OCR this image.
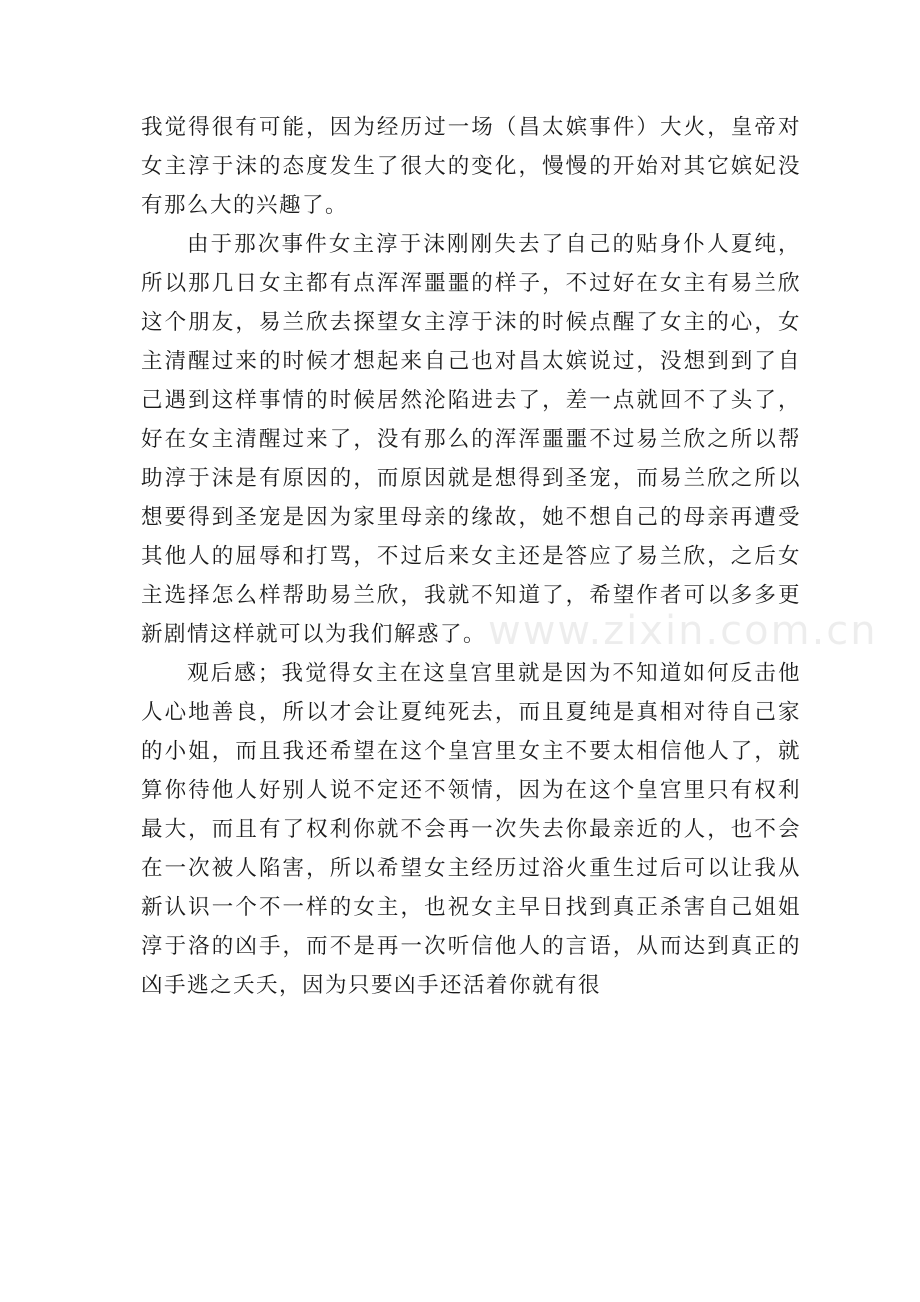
我觉得很有可能，因为经历过一场（昌太嫔事件）大火，皇帝对女主淳于沫的态度发生了很大的变化，慢慢的开始对其它嫔妃没有那么大的兴趣了。

由于那次事件女主淳于沫刚刚失去了自己的贴身仆人夏纯，所以那几日女主都有点浑浑噩噩的样子，不过好在女主有易兰欣这个朋友，易兰欣去探望女主淳于沫的时候点醒了女主的心，女主清醒过来的时候才想起来自己也对昌太嫔说过，没想到到了自己遇到这样事情的时候居然沦陷进去了，差一点就回不了头了，好在女主清醒过来了，没有那么的浑浑噩噩不过易兰欣之所以帮助淳于沫是有原因的，而原因就是想得到圣宠，而易兰欣之所以想要得到圣宠是因为家里母亲的缘故，她不想自己的母亲再遭受其他人的屈辱和打骂，不过后来女主还是答应了易兰欣，之后女主选择怎么样帮助易兰欣，我就不知道了，希望作者可以多多更新剧情这样就可以为我们解惑了。

观后感；我觉得女主在这皇宫里就是因为不知道如何反击他人心地善良，所以才会让夏纯死去，而且夏纯是真相对待自己家的小姐，而且我还希望在这个皇宫里女主不要太相信他人了，就算你待他人好别人说不定还不领情，因为在这个皇宫里只有权利最大，而且有了权利你就不会再一次失去你最亲近的人，也不会在一次被人陷害，所以希望女主经历过浴火重生过后可以让我从新认识一个不一样的女主，也祝女主早日找到真正杀害自己姐姐淳于洛的凶手，而不是再一次听信他人的言语，从而达到真正的凶手逃之夭夭，因为只要凶手还活着你就有很

www.zixin.com.cn
